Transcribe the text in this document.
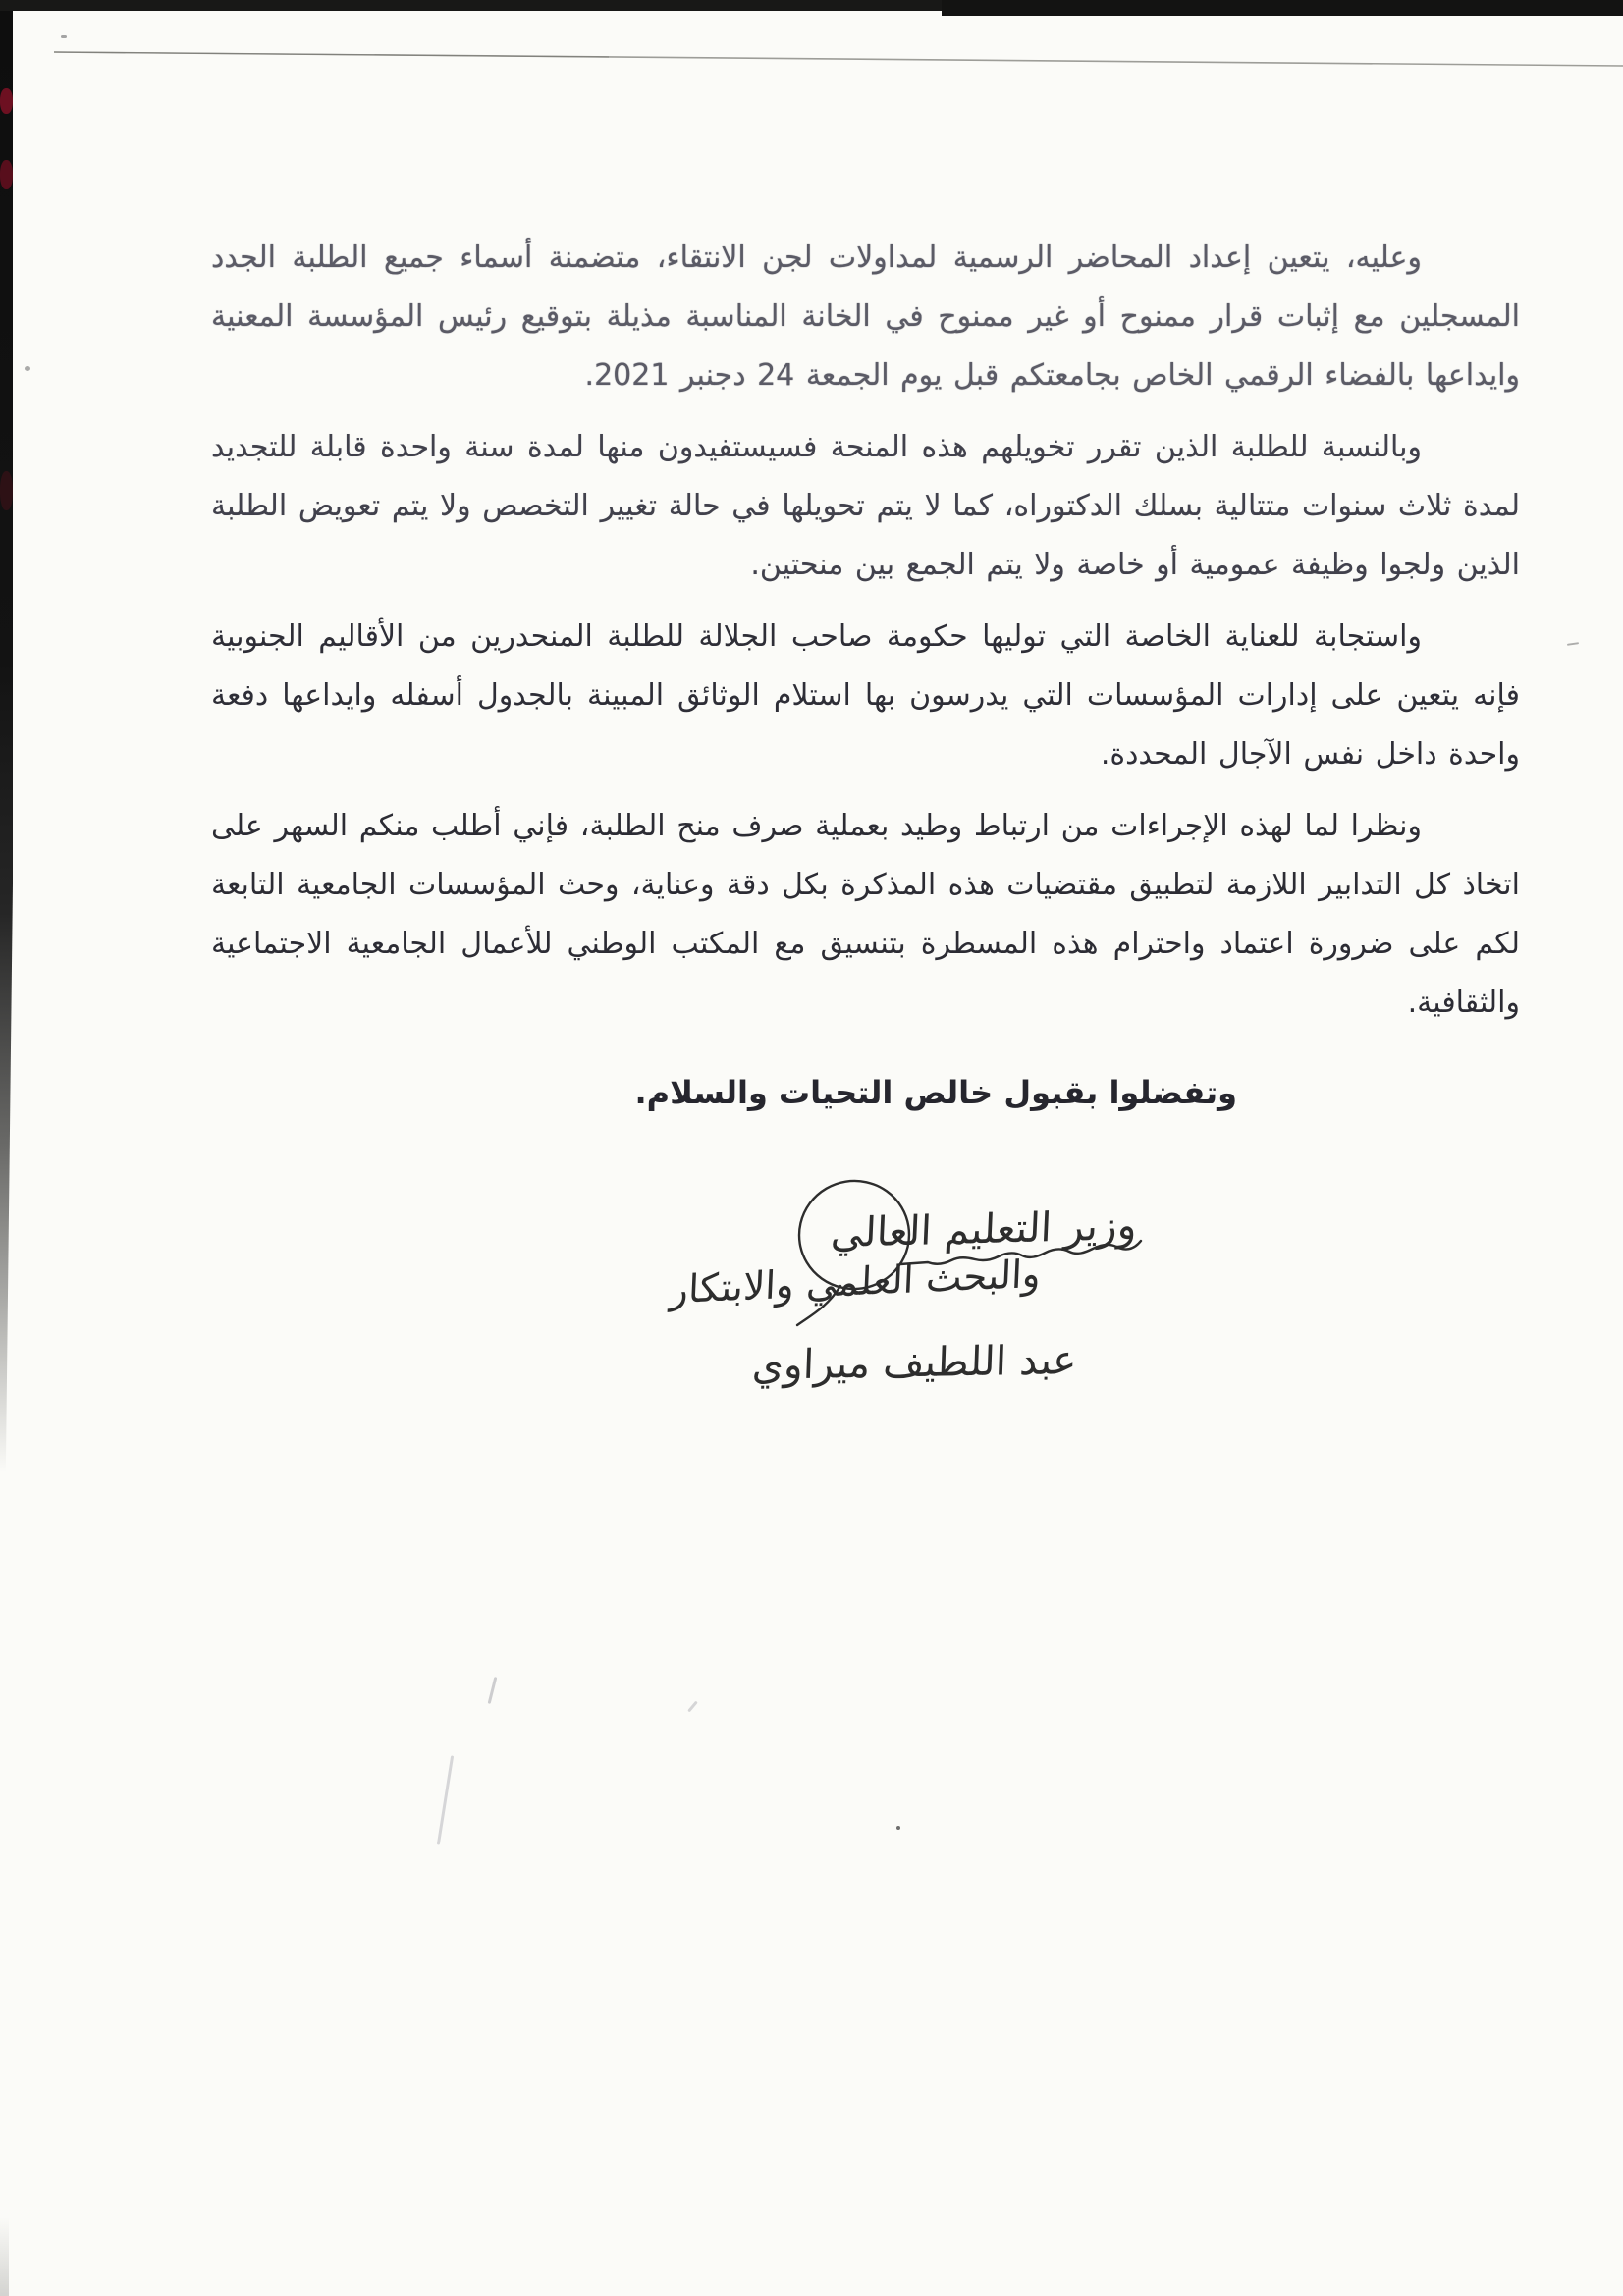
وعليه، يتعين إعداد المحاضر الرسمية لمداولات لجن الانتقاء، متضمنة أسماء جميع الطلبة الجدد المسجلين مع إثبات قرار ممنوح أو غير ممنوح في الخانة المناسبة مذيلة بتوقيع رئيس المؤسسة المعنية وايداعها بالفضاء الرقمي الخاص بجامعتكم قبل يوم الجمعة 24 دجنبر 2021.

وبالنسبة للطلبة الذين تقرر تخويلهم هذه المنحة فسيستفيدون منها لمدة سنة واحدة قابلة للتجديد لمدة ثلاث سنوات متتالية بسلك الدكتوراه، كما لا يتم تحويلها في حالة تغيير التخصص ولا يتم تعويض الطلبة الذين ولجوا وظيفة عمومية أو خاصة ولا يتم الجمع بين منحتين.

واستجابة للعناية الخاصة التي توليها حكومة صاحب الجلالة للطلبة المنحدرين من الأقاليم الجنوبية فإنه يتعين على إدارات المؤسسات التي يدرسون بها استلام الوثائق المبينة بالجدول أسفله وايداعها دفعة واحدة داخل نفس الآجال المحددة.

ونظرا لما لهذه الإجراءات من ارتباط وطيد بعملية صرف منح الطلبة، فإني أطلب منكم السهر على اتخاذ كل التدابير اللازمة لتطبيق مقتضيات هذه المذكرة بكل دقة وعناية، وحث المؤسسات الجامعية التابعة لكم على ضرورة اعتماد واحترام هذه المسطرة بتنسيق مع المكتب الوطني للأعمال الجامعية الاجتماعية والثقافية.

وتفضلوا بقبول خالص التحيات والسلام.

وزير التعليم العالي
والبحث العلمي والابتكار
عبد اللطيف ميراوي
